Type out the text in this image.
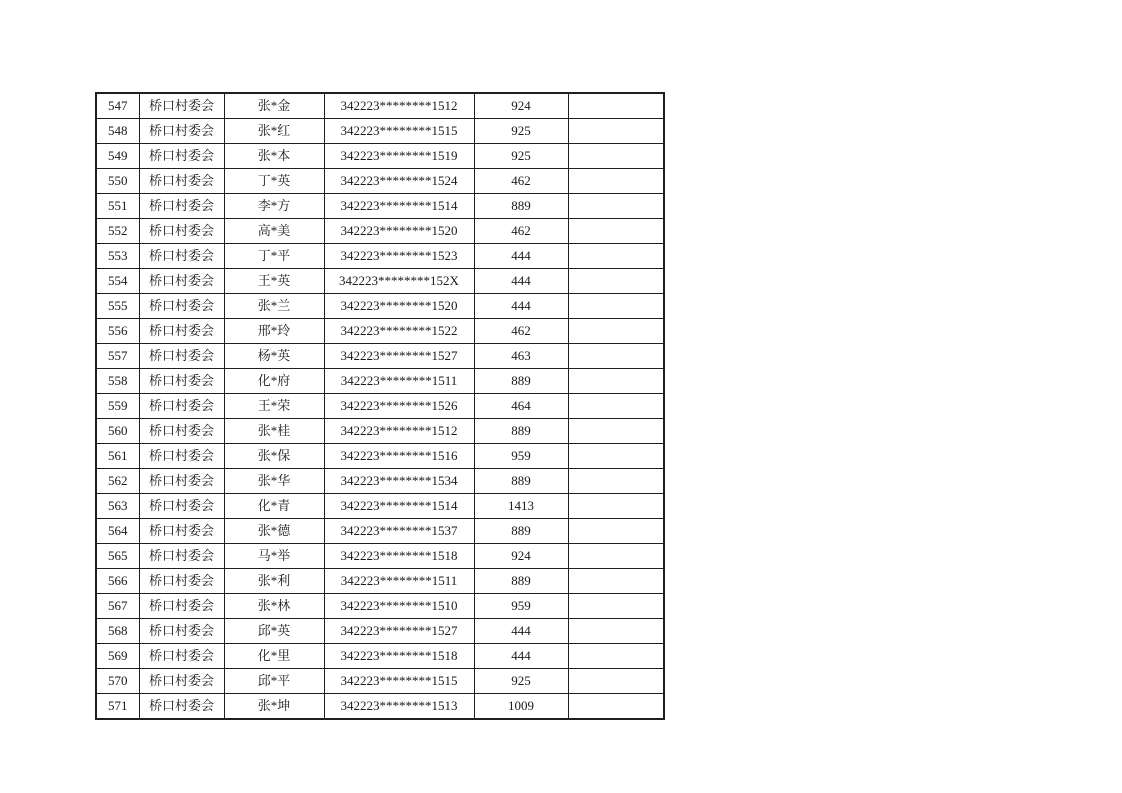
547	桥口村委会	张*金	342223********1512	924	
548	桥口村委会	张*红	342223********1515	925	
549	桥口村委会	张*本	342223********1519	925	
550	桥口村委会	丁*英	342223********1524	462	
551	桥口村委会	李*方	342223********1514	889	
552	桥口村委会	高*美	342223********1520	462	
553	桥口村委会	丁*平	342223********1523	444	
554	桥口村委会	王*英	342223********152X	444	
555	桥口村委会	张*兰	342223********1520	444	
556	桥口村委会	邢*玲	342223********1522	462	
557	桥口村委会	杨*英	342223********1527	463	
558	桥口村委会	化*府	342223********1511	889	
559	桥口村委会	王*荣	342223********1526	464	
560	桥口村委会	张*桂	342223********1512	889	
561	桥口村委会	张*保	342223********1516	959	
562	桥口村委会	张*华	342223********1534	889	
563	桥口村委会	化*青	342223********1514	1413	
564	桥口村委会	张*德	342223********1537	889	
565	桥口村委会	马*举	342223********1518	924	
566	桥口村委会	张*利	342223********1511	889	
567	桥口村委会	张*林	342223********1510	959	
568	桥口村委会	邱*英	342223********1527	444	
569	桥口村委会	化*里	342223********1518	444	
570	桥口村委会	邱*平	342223********1515	925	
571	桥口村委会	张*坤	342223********1513	1009	
